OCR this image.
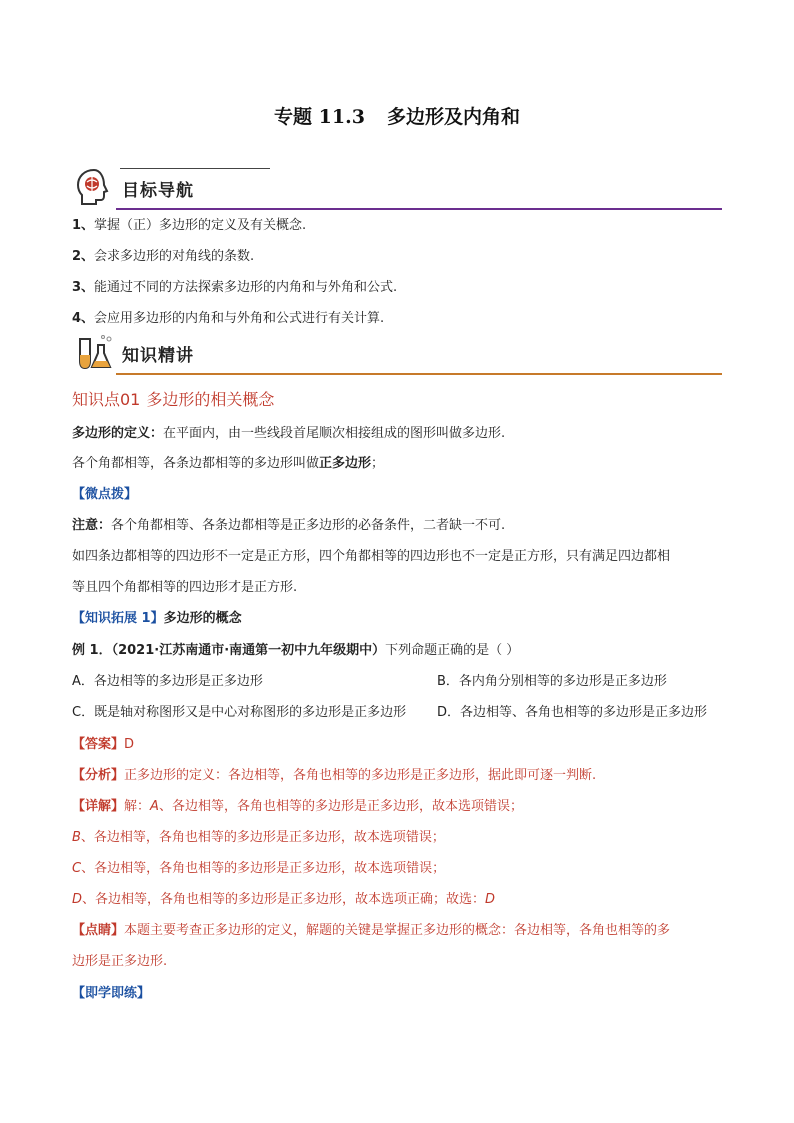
专题 11.3 多边形及内角和
目标导航
1、掌握（正）多边形的定义及有关概念.
2、会求多边形的对角线的条数.
3、能通过不同的方法探索多边形的内角和与外角和公式.
4、会应用多边形的内角和与外角和公式进行有关计算.
知识精讲
知识点01 多边形的相关概念
多边形的定义：在平面内，由一些线段首尾顺次相接组成的图形叫做多边形.
各个角都相等，各条边都相等的多边形叫做正多边形；
【微点拨】
注意：各个角都相等、各条边都相等是正多边形的必备条件，二者缺一不可.
如四条边都相等的四边形不一定是正方形，四个角都相等的四边形也不一定是正方形，只有满足四边都相
等且四个角都相等的四边形才是正方形.
【知识拓展 1】多边形的概念
例 1．（2021·江苏南通市·南通第一初中九年级期中）下列命题正确的是（ ）
A．各边相等的多边形是正多边形	B．各内角分别相等的多边形是正多边形
C．既是轴对称图形又是中心对称图形的多边形是正多边形 D．各边相等、各角也相等的多边形是正多边形
【答案】D
【分析】正多边形的定义：各边相等，各角也相等的多边形是正多边形，据此即可逐一判断.
【详解】解：A、各边相等，各角也相等的多边形是正多边形，故本选项错误；
B、各边相等，各角也相等的多边形是正多边形，故本选项错误；
C、各边相等，各角也相等的多边形是正多边形，故本选项错误；
D、各边相等，各角也相等的多边形是正多边形，故本选项正确；故选：D
【点睛】本题主要考查正多边形的定义，解题的关键是掌握正多边形的概念：各边相等，各角也相等的多
边形是正多边形.
【即学即练】
